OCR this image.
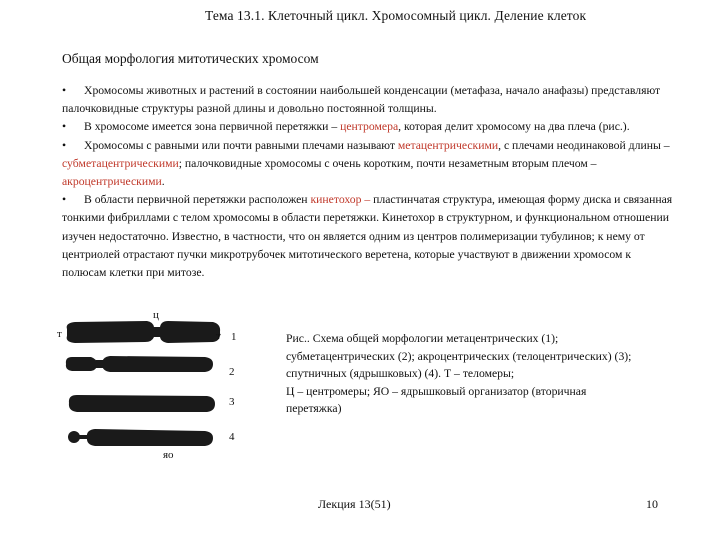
Тема 13.1. Клеточный цикл. Хромосомный цикл. Деление клеток
Общая морфология митотических хромосом

• Хромосомы животных и растений в состоянии наибольшей конденсации (метафаза, начало анафазы) представляют палочковидные структуры разной длины и довольно постоянной толщины.

• В хромосоме имеется зона первичной перетяжки – центромера, которая делит хромосому на два плеча (рис.).

• Хромосомы с равными или почти равными плечами называют метацентрическими, с плечами неодинаковой длины – субметацентрическими; палочковидные хромосомы с очень коротким, почти незаметным вторым плечом – акроцентрическими.

• В области первичной перетяжки расположен кинетохор – пластинчатая структура, имеющая форму диска и связанная тонкими фибриллами с телом хромосомы в области перетяжки. Кинетохор в структурном, и функциональном отношении изучен недостаточно. Известно, в частности, что он является одним из центров полимеризации тубулинов; к нему от центриолей отрастают пучки микротрубочек митотического веретена, которые участвуют в движении хромосом к полюсам клетки при митозе.

т	т
ц
1
2
3
4
яо
Рис.. Схема общей морфологии метацентрических (1);
субметацентрических (2); акроцентрических (телоцентрических) (3);
спутничных (ядрышковых) (4). Т – теломеры;
Ц – центромеры; ЯО – ядрышковый организатор (вторичная
перетяжка)
Лекция 13(51)	10
